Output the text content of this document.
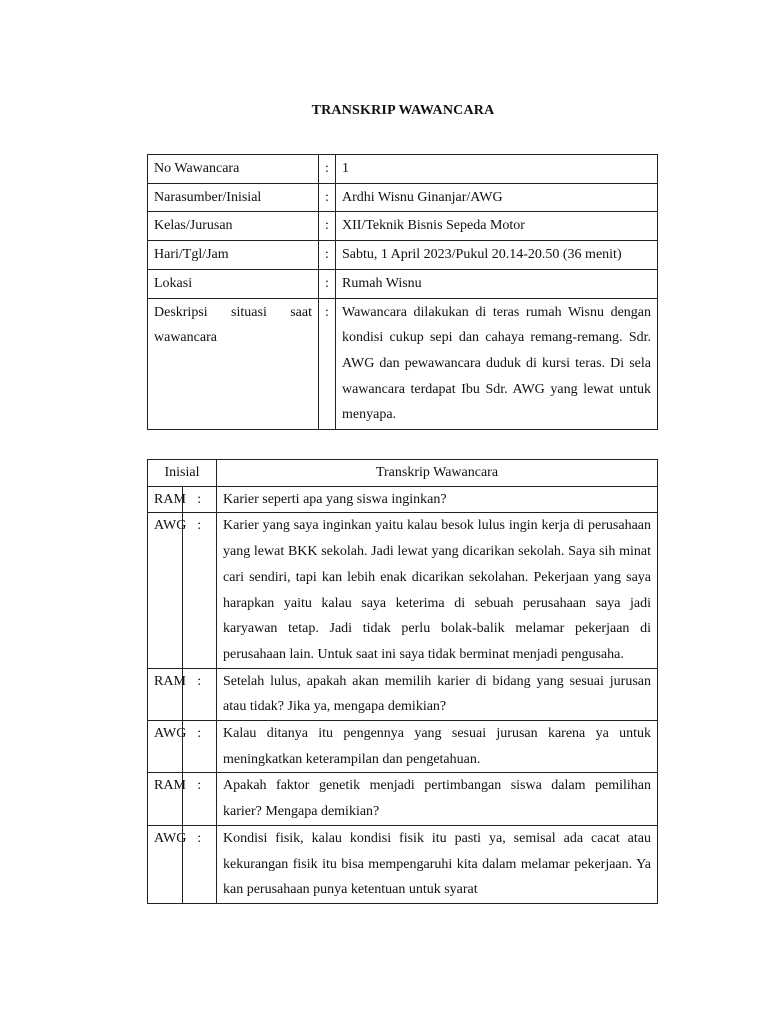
TRANSKRIP WAWANCARA
No Wawancara	:	1
Narasumber/Inisial	:	Ardhi Wisnu Ginanjar/AWG
Kelas/Jurusan	:	XII/Teknik Bisnis Sepeda Motor
Hari/Tgl/Jam	:	Sabtu, 1 April 2023/Pukul 20.14-20.50 (36 menit)
Lokasi	:	Rumah Wisnu
Deskripsi situasi saat wawancara	:	Wawancara dilakukan di teras rumah Wisnu dengan kondisi cukup sepi dan cahaya remang-remang. Sdr. AWG dan pewawancara duduk di kursi teras. Di sela wawancara terdapat Ibu Sdr. AWG yang lewat untuk menyapa.
Inisial		Transkrip Wawancara
RAM	:	Karier seperti apa yang siswa inginkan?
AWG	:	Karier yang saya inginkan yaitu kalau besok lulus ingin kerja di perusahaan yang lewat BKK sekolah. Jadi lewat yang dicarikan sekolah. Saya sih minat cari sendiri, tapi kan lebih enak dicarikan sekolahan. Pekerjaan yang saya harapkan yaitu kalau saya keterima di sebuah perusahaan saya jadi karyawan tetap. Jadi tidak perlu bolak-balik melamar pekerjaan di perusahaan lain. Untuk saat ini saya tidak berminat menjadi pengusaha.
RAM	:	Setelah lulus, apakah akan memilih karier di bidang yang sesuai jurusan atau tidak? Jika ya, mengapa demikian?
AWG	:	Kalau ditanya itu pengennya yang sesuai jurusan karena ya untuk meningkatkan keterampilan dan pengetahuan.
RAM	:	Apakah faktor genetik menjadi pertimbangan siswa dalam pemilihan karier? Mengapa demikian?
AWG	:	Kondisi fisik, kalau kondisi fisik itu pasti ya, semisal ada cacat atau kekurangan fisik itu bisa mempengaruhi kita dalam melamar pekerjaan. Ya kan perusahaan punya ketentuan untuk syarat
